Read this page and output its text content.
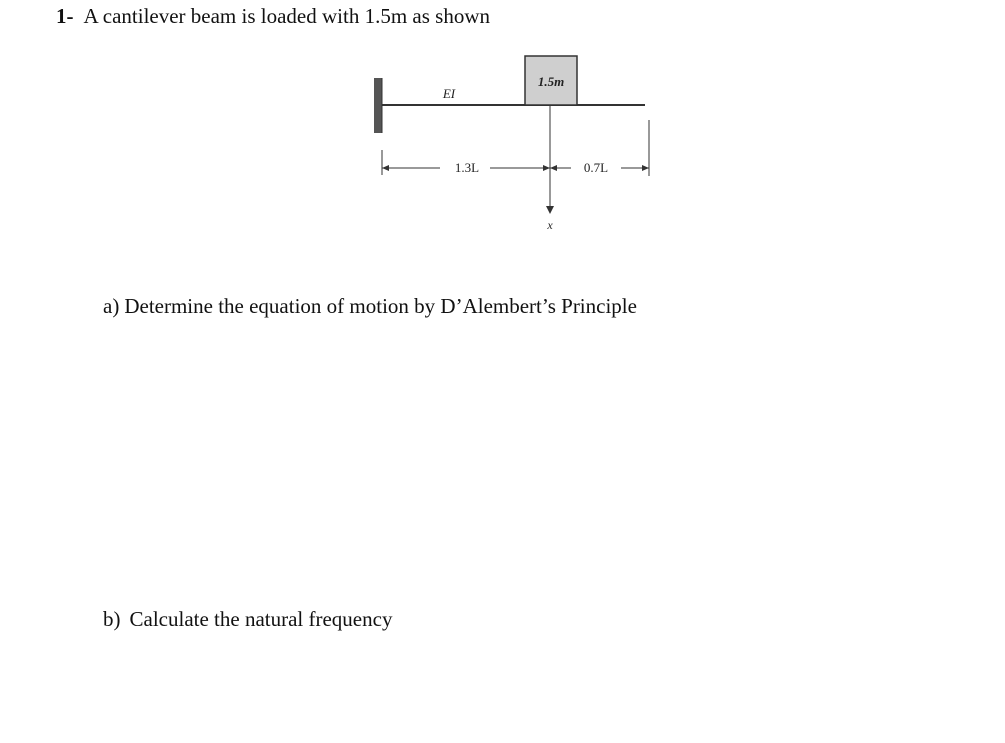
1- A cantilever beam is loaded with 1.5m as shown
1.5m
EI
x
1.3L	0.7L
a) Determine the equation of motion by D’Alembert’s Principle
b) Calculate the natural frequency
